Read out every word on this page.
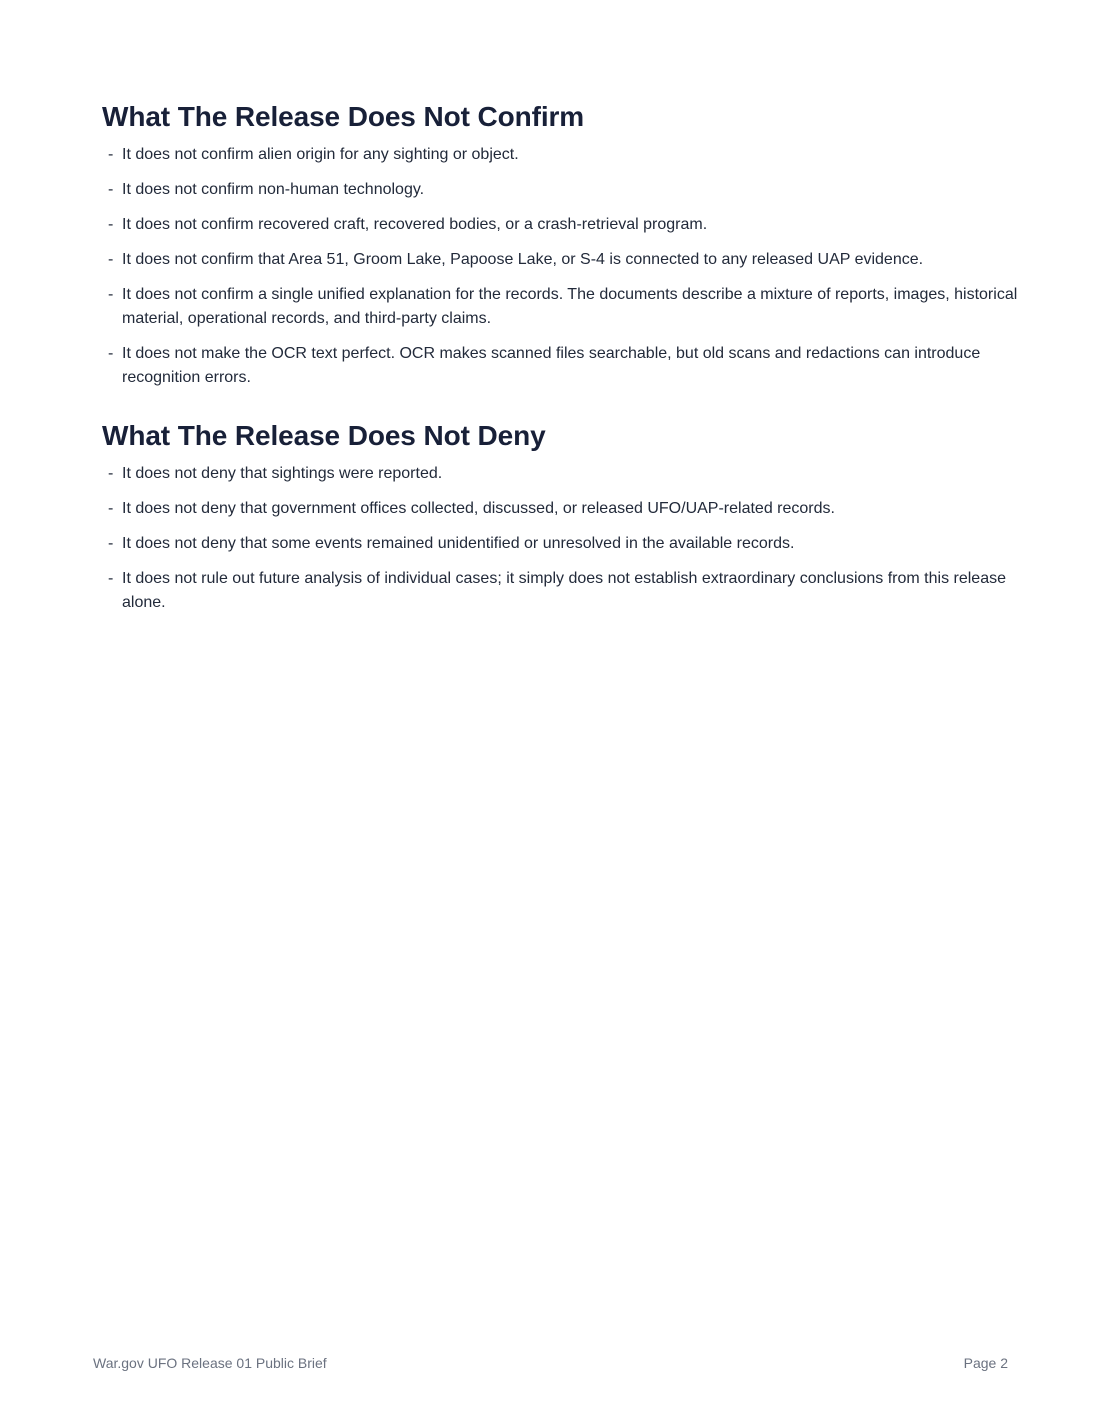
What The Release Does Not Confirm
- It does not confirm alien origin for any sighting or object.
- It does not confirm non-human technology.
- It does not confirm recovered craft, recovered bodies, or a crash-retrieval program.
- It does not confirm that Area 51, Groom Lake, Papoose Lake, or S-4 is connected to any released UAP evidence.
- It does not confirm a single unified explanation for the records. The documents describe a mixture of reports, images, historical material, operational records, and third-party claims.
- It does not make the OCR text perfect. OCR makes scanned files searchable, but old scans and redactions can introduce recognition errors.
What The Release Does Not Deny
- It does not deny that sightings were reported.
- It does not deny that government offices collected, discussed, or released UFO/UAP-related records.
- It does not deny that some events remained unidentified or unresolved in the available records.
- It does not rule out future analysis of individual cases; it simply does not establish extraordinary conclusions from this release alone.
War.gov UFO Release 01 Public Brief	Page 2
